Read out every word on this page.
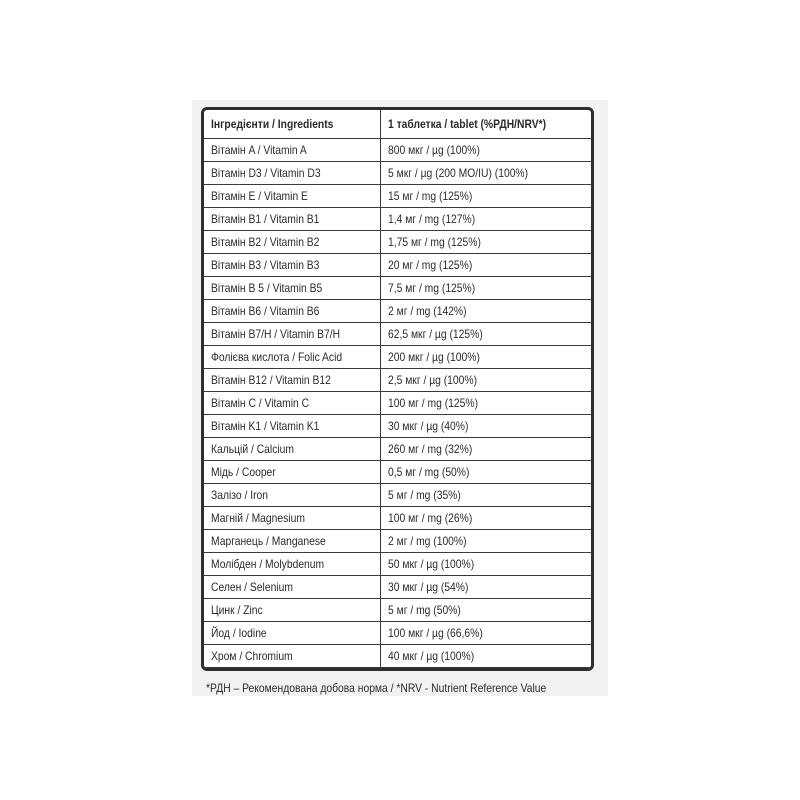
Інгредієнти / Ingredients	1 таблетка / tablet (%РДН/NRV*)
Вітамін A / Vitamin A	800 мкг / µg (100%)
Вітамін D3 / Vitamin D3	5 мкг / µg (200 МО/IU) (100%)
Вітамін E / Vitamin E	15 мг / mg (125%)
Вітамін B1 / Vitamin B1	1,4 мг / mg (127%)
Вітамін B2 / Vitamin B2	1,75 мг / mg (125%)
Вітамін B3 / Vitamin B3	20 мг / mg (125%)
Вітамін B 5 / Vitamin B5	7,5 мг / mg (125%)
Вітамін B6 / Vitamin B6	2 мг / mg (142%)
Вітамін B7/H / Vitamin B7/H	62,5 мкг / µg (125%)
Фолієва кислота / Folic Acid	200 мкг / µg (100%)
Вітамін B12 / Vitamin B12	2,5 мкг / µg (100%)
Вітамін C / Vitamin C	100 мг / mg (125%)
Вітамін K1 / Vitamin K1	30 мкг / µg (40%)
Кальцій / Calcium	260 мг / mg (32%)
Мідь / Cooper	0,5 мг / mg (50%)
Залізо / Iron	5 мг / mg (35%)
Магній / Magnesium	100 мг / mg (26%)
Марганець / Manganese	2 мг / mg (100%)
Молібден / Molybdenum	50 мкг / µg (100%)
Селен / Selenium	30 мкг / µg (54%)
Цинк / Zinc	5 мг / mg (50%)
Йод / Iodine	100 мкг / µg (66,6%)
Хром / Chromium	40 мкг / µg (100%)

*РДН – Рекомендована добова норма / *NRV - Nutrient Reference Value
